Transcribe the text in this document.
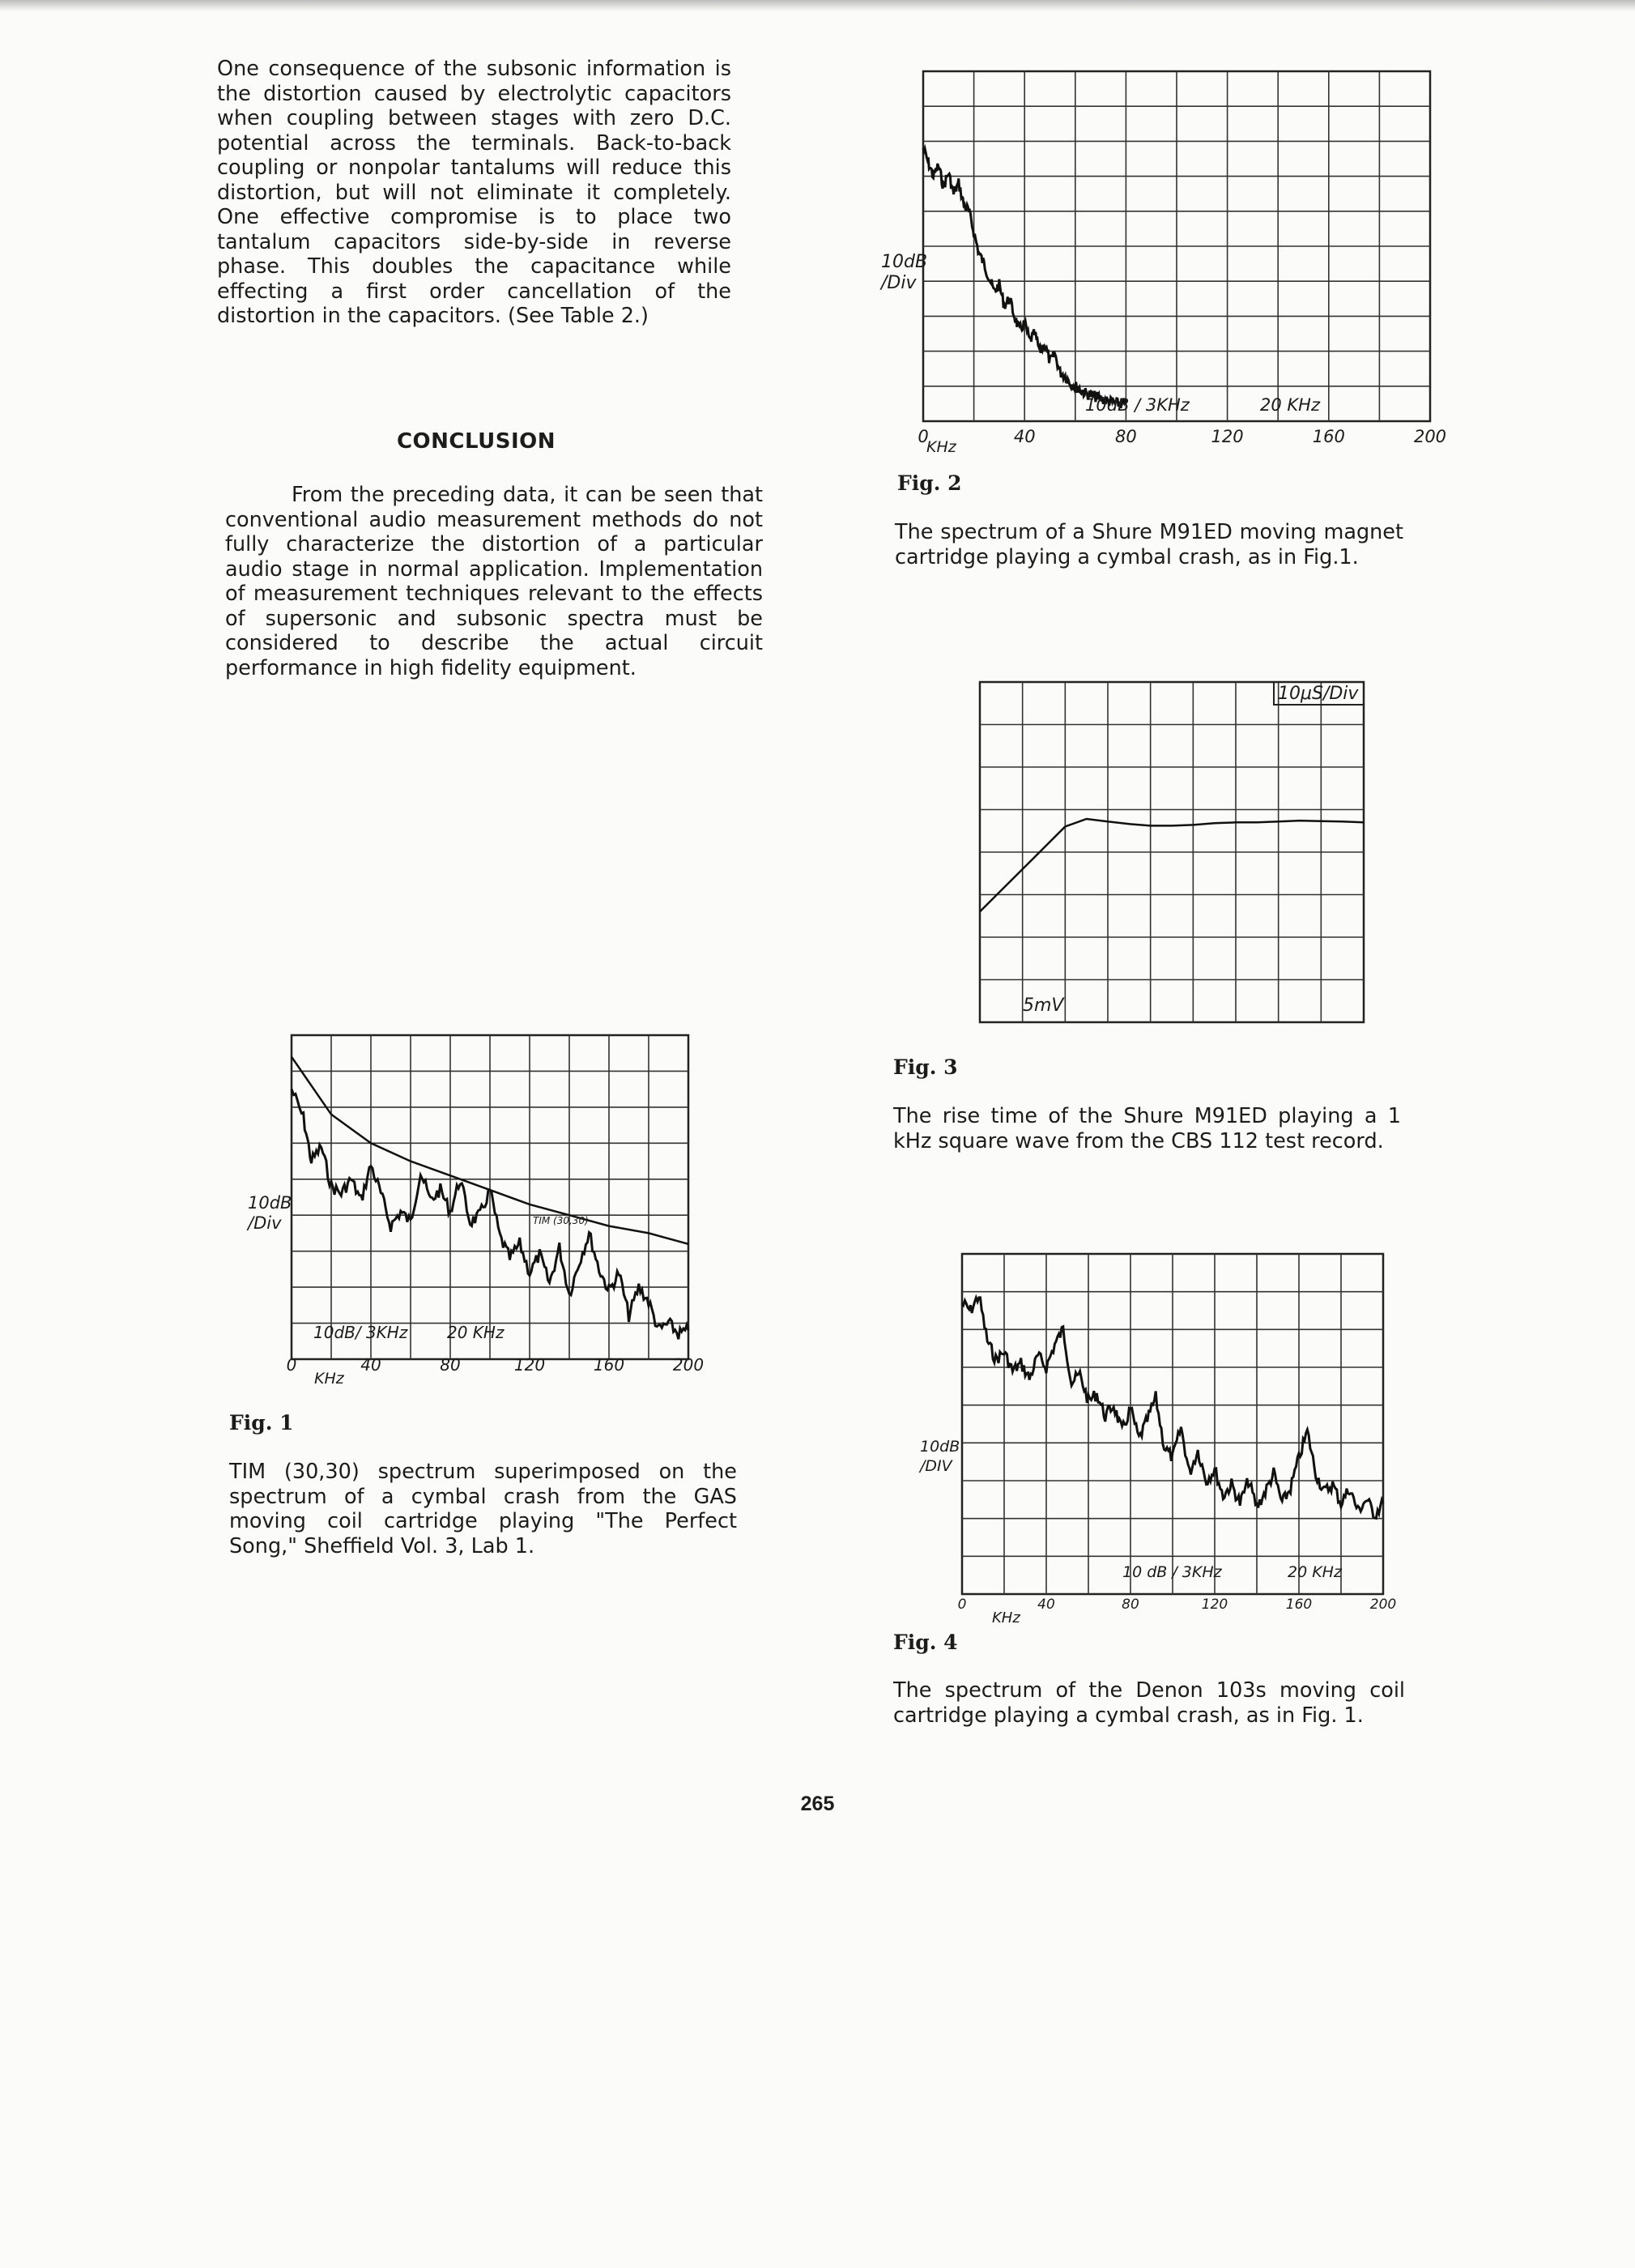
One consequence of the subsonic information is the distortion caused by electrolytic capacitors when coupling between stages with zero D.C. potential across the terminals. Back-to-back coupling or nonpolar tantalums will reduce this distortion, but will not eliminate it completely. One effective compromise is to place two tantalum capacitors side-by-side in reverse phase. This doubles the capacitance while effecting a first order cancellation of the distortion in the capacitors. (See Table 2.)
CONCLUSION
From the preceding data, it can be seen that conventional audio measurement methods do not fully characterize the distortion of a particular audio stage in normal application. Implementation of measurement techniques relevant to the effects of supersonic and subsonic spectra must be considered to describe the actual circuit performance in high fidelity equipment.
10dB
/Div
10dB / 3KHz	20 KHz
0	40	80	120	160	200
KHz
Fig. 2
The spectrum of a Shure M91ED moving magnet cartridge playing a cymbal crash, as in Fig.1.
10μS/Div
5mV
Fig. 3
The rise time of the Shure M91ED playing a 1 kHz square wave from the CBS 112 test record.
10dB
/Div	TIM (30,30)
10dB/ 3KHz 20 KHz
0	40	80	120	160	200
KHz
Fig. 1
TIM (30,30) spectrum superimposed on the spectrum of a cymbal crash from the GAS moving coil cartridge playing "The Perfect Song," Sheffield Vol. 3, Lab 1.
10dB
/DIV
10 dB / 3KHz	20 KHz
0	40	80	120	160	200
KHz
Fig. 4
The spectrum of the Denon 103s moving coil cartridge playing a cymbal crash, as in Fig. 1.
265
